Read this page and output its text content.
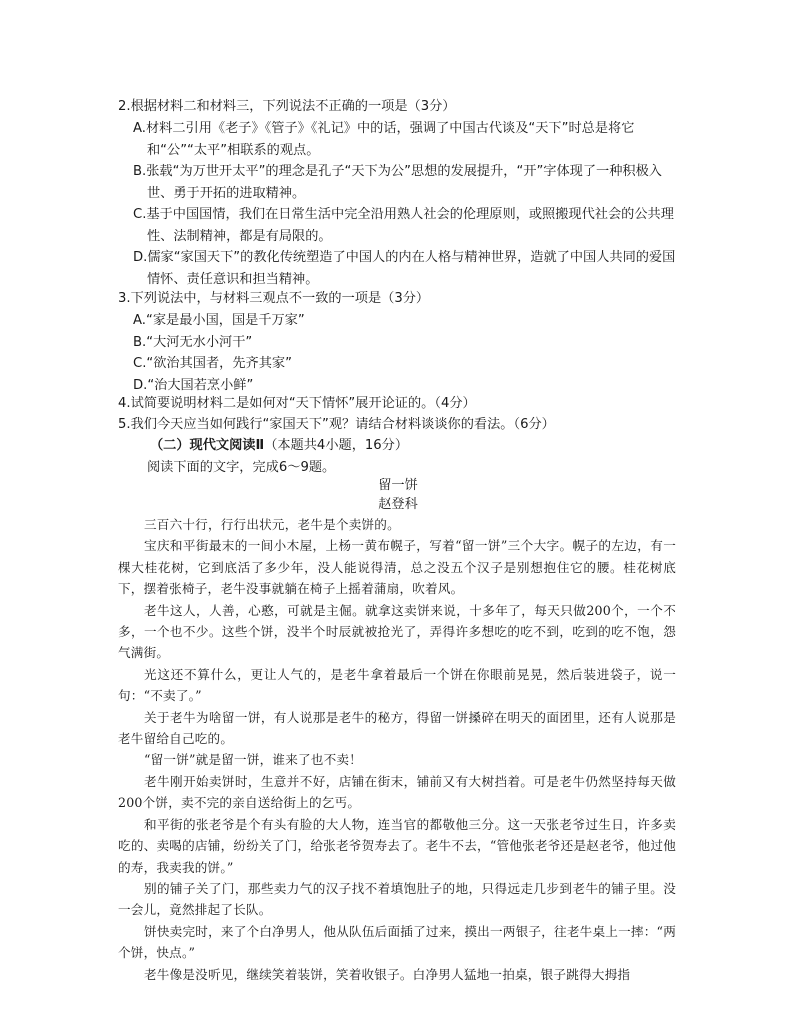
2.根据材料二和材料三，下列说法不正确的一项是（3分）

A.材料二引用《老子》《管子》《礼记》中的话，强调了中国古代谈及“天下”时总是将它和“公”“太平”相联系的观点。

B.张载“为万世开太平”的理念是孔子“天下为公”思想的发展提升，“开”字体现了一种积极入世、勇于开拓的进取精神。

C.基于中国国情，我们在日常生活中完全沿用熟人社会的伦理原则，或照搬现代社会的公共理性、法制精神，都是有局限的。

D.儒家“家国天下”的教化传统塑造了中国人的内在人格与精神世界，造就了中国人共同的爱国情怀、责任意识和担当精神。

3.下列说法中，与材料三观点不一致的一项是（3分）

A.“家是最小国，国是千万家”

B.“大河无水小河干”

C.“欲治其国者，先齐其家”

D.“治大国若烹小鲜”

4.试简要说明材料二是如何对“天下情怀”展开论证的。（4分）

5.我们今天应当如何践行“家国天下”观？请结合材料谈谈你的看法。（6分）

（二）现代文阅读Ⅱ（本题共4小题，16分）

阅读下面的文字，完成6～9题。

留一饼

赵登科

三百六十行，行行出状元，老牛是个卖饼的。

宝庆和平街最末的一间小木屋，上杨一黄布幌子，写着“留一饼”三个大字。幌子的左边，有一棵大桂花树，它到底活了多少年，没人能说得清，总之没五个汉子是别想抱住它的腰。桂花树底下，摆着张椅子，老牛没事就躺在椅子上摇着蒲扇，吹着风。

老牛这人，人善，心憨，可就是主倔。就拿这卖饼来说，十多年了，每天只做200个，一个不多，一个也不少。这些个饼，没半个时辰就被抢光了，弄得许多想吃的吃不到，吃到的吃不饱，怨气满街。

光这还不算什么，更让人气的，是老牛拿着最后一个饼在你眼前晃晃，然后装进袋子，说一句：“不卖了。”

关于老牛为啥留一饼，有人说那是老牛的秘方，得留一饼搡碎在明天的面团里，还有人说那是老牛留给自己吃的。

“留一饼”就是留一饼，谁来了也不卖！

老牛刚开始卖饼时，生意并不好，店铺在街末，铺前又有大树挡着。可是老牛仍然坚持每天做200个饼，卖不完的亲自送给街上的乞丐。

和平街的张老爷是个有头有脸的大人物，连当官的都敬他三分。这一天张老爷过生日，许多卖吃的、卖喝的店铺，纷纷关了门，给张老爷贺寿去了。老牛不去，“管他张老爷还是赵老爷，他过他的寿，我卖我的饼。”

别的铺子关了门，那些卖力气的汉子找不着填饱肚子的地，只得远走几步到老牛的铺子里。没一会儿，竟然排起了长队。

饼快卖完时，来了个白净男人，他从队伍后面插了过来，摸出一两银子，往老牛桌上一摔：“两个饼，快点。”

老牛像是没听见，继续笑着装饼，笑着收银子。白净男人猛地一拍桌，银子跳得大拇指
